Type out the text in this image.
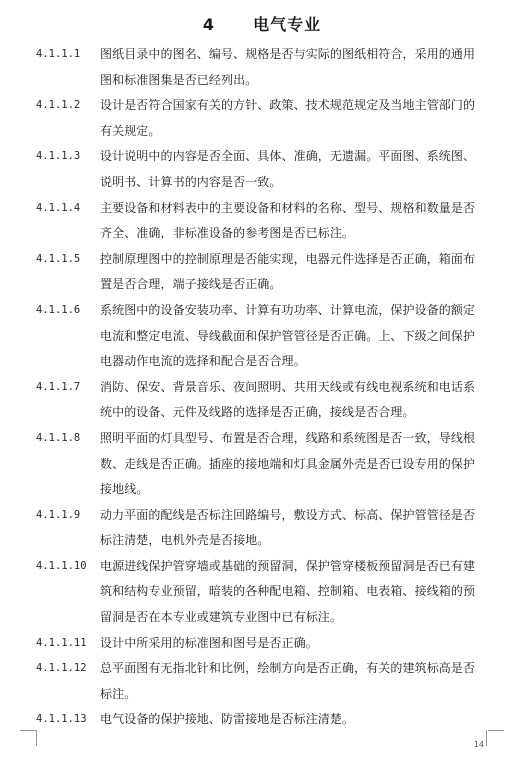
4 电气专业
4.1.1.1	图纸目录中的图名、编号、规格是否与实际的图纸相符合，采用的通用图和标准图集是否已经列出。
4.1.1.2	设计是否符合国家有关的方针、政策、技术规范规定及当地主管部门的有关规定。
4.1.1.3	设计说明中的内容是否全面、具体、准确，无遗漏。平面图、系统图、说明书、计算书的内容是否一致。
4.1.1.4	主要设备和材料表中的主要设备和材料的名称、型号、规格和数量是否齐全、准确，非标准设备的参考图是否已标注。
4.1.1.5	控制原理图中的控制原理是否能实现，电器元件选择是否正确，箱面布置是否合理，端子接线是否正确。
4.1.1.6	系统图中的设备安装功率、计算有功功率、计算电流，保护设备的额定电流和整定电流、导线截面和保护管管径是否正确。上、下级之间保护电器动作电流的选择和配合是否合理。
4.1.1.7	消防、保安、背景音乐、夜间照明、共用天线或有线电视系统和电话系统中的设备、元件及线路的选择是否正确，接线是否合理。
4.1.1.8	照明平面的灯具型号、布置是否合理，线路和系统图是否一致，导线根数、走线是否正确。插座的接地端和灯具金属外壳是否已设专用的保护接地线。
4.1.1.9	动力平面的配线是否标注回路编号，敷设方式、标高、保护管管径是否标注清楚，电机外壳是否接地。
4.1.1.10	电源进线保护管穿墙或基础的预留洞，保护管穿楼板预留洞是否已有建筑和结构专业预留，暗装的各种配电箱、控制箱、电表箱、接线箱的预留洞是否在本专业或建筑专业图中已有标注。
4.1.1.11	设计中所采用的标准图和图号是否正确。
4.1.1.12	总平面图有无指北针和比例，绘制方向是否正确，有关的建筑标高是否标注。
4.1.1.13	电气设备的保护接地、防雷接地是否标注清楚。
14
